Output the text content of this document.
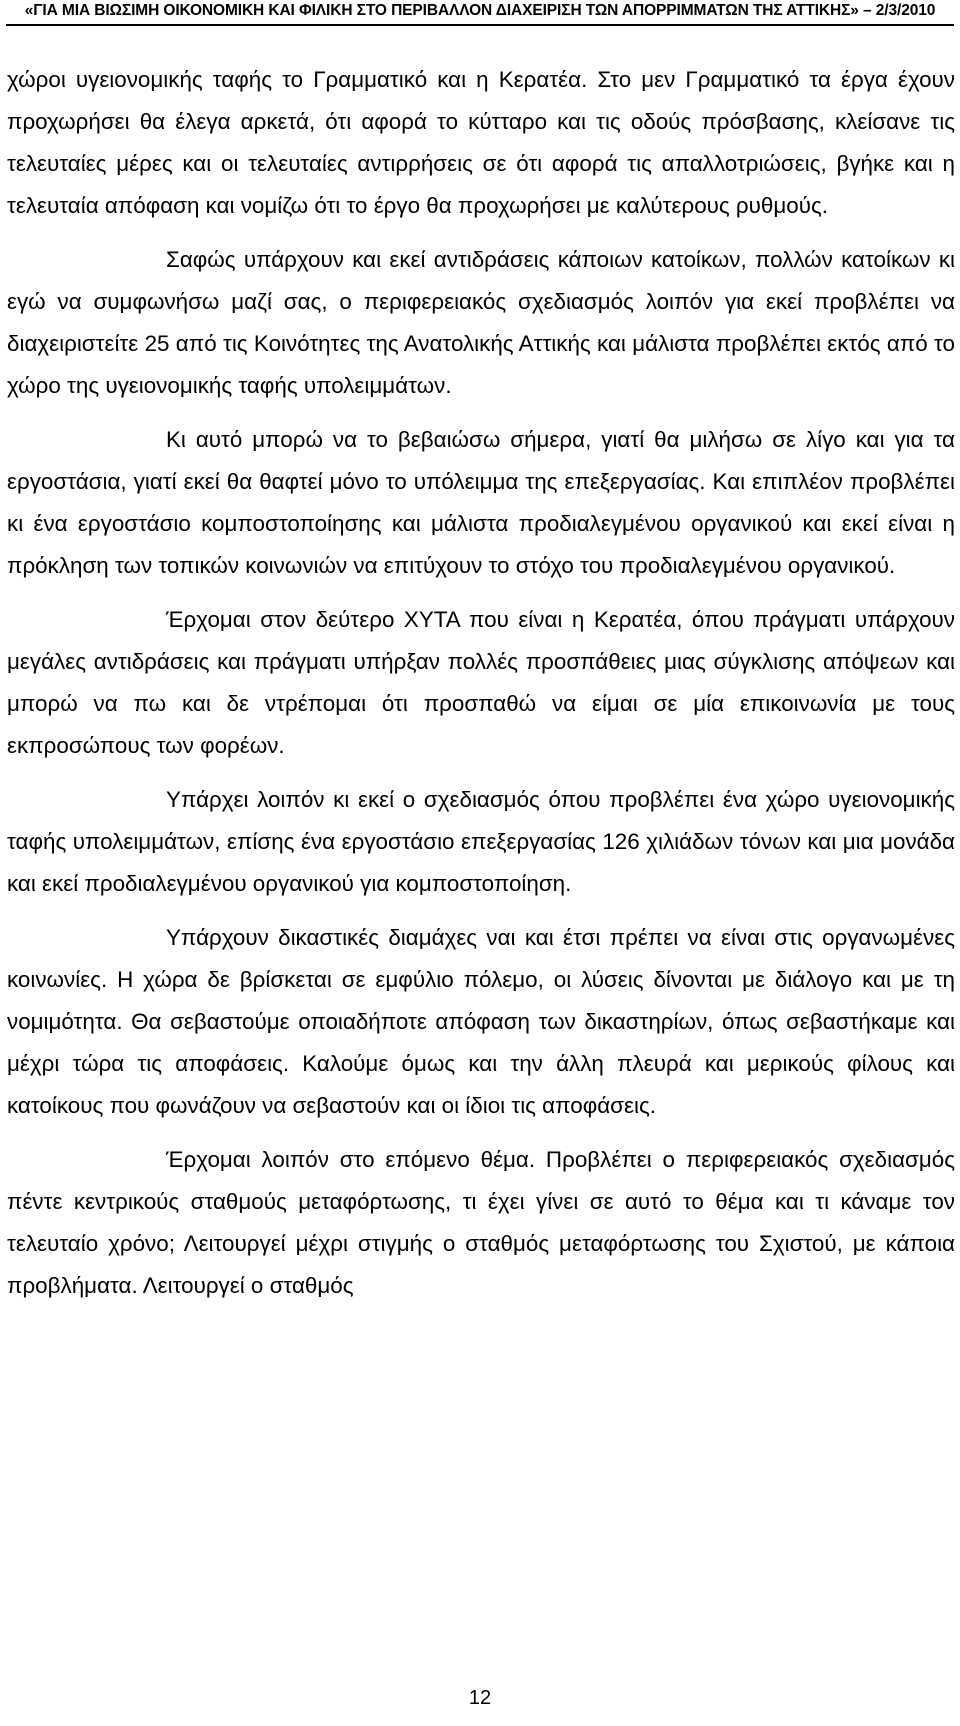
«ΓΙΑ ΜΙΑ ΒΙΩΣΙΜΗ ΟΙΚΟΝΟΜΙΚΗ ΚΑΙ ΦΙΛΙΚΗ ΣΤΟ ΠΕΡΙΒΑΛΛΟΝ ΔΙΑΧΕΙΡΙΣΗ ΤΩΝ ΑΠΟΡΡΙΜΜΑΤΩΝ ΤΗΣ ΑΤΤΙΚΗΣ» – 2/3/2010

χώροι υγειονομικής ταφής το Γραμματικό και η Κερατέα. Στο μεν Γραμματικό τα έργα έχουν προχωρήσει θα έλεγα αρκετά, ότι αφορά το κύτταρο και τις οδούς πρόσβασης, κλείσανε τις τελευταίες μέρες και οι τελευταίες αντιρρήσεις σε ότι αφορά τις απαλλοτριώσεις, βγήκε και η τελευταία απόφαση και νομίζω ότι το έργο θα προχωρήσει με καλύτερους ρυθμούς.

Σαφώς υπάρχουν και εκεί αντιδράσεις κάποιων κατοίκων, πολλών κατοίκων κι εγώ να συμφωνήσω μαζί σας, ο περιφερειακός σχεδιασμός λοιπόν για εκεί προβλέπει να διαχειριστείτε 25 από τις Κοινότητες της Ανατολικής Αττικής και μάλιστα προβλέπει εκτός από το χώρο της υγειονομικής ταφής υπολειμμάτων.

Κι αυτό μπορώ να το βεβαιώσω σήμερα, γιατί θα μιλήσω σε λίγο και για τα εργοστάσια, γιατί εκεί θα θαφτεί μόνο το υπόλειμμα της επεξεργασίας. Και επιπλέον προβλέπει κι ένα εργοστάσιο κομποστοποίησης και μάλιστα προδιαλεγμένου οργανικού και εκεί είναι η πρόκληση των τοπικών κοινωνιών να επιτύχουν το στόχο του προδιαλεγμένου οργανικού.

Έρχομαι στον δεύτερο ΧΥΤΑ που είναι η Κερατέα, όπου πράγματι υπάρχουν μεγάλες αντιδράσεις και πράγματι υπήρξαν πολλές προσπάθειες μιας σύγκλισης απόψεων και μπορώ να πω και δε ντρέπομαι ότι προσπαθώ να είμαι σε μία επικοινωνία με τους εκπροσώπους των φορέων.

Υπάρχει λοιπόν κι εκεί ο σχεδιασμός όπου προβλέπει ένα χώρο υγειονομικής ταφής υπολειμμάτων, επίσης ένα εργοστάσιο επεξεργασίας 126 χιλιάδων τόνων και μια μονάδα και εκεί προδιαλεγμένου οργανικού για κομποστοποίηση.

Υπάρχουν δικαστικές διαμάχες ναι και έτσι πρέπει να είναι στις οργανωμένες κοινωνίες. Η χώρα δε βρίσκεται σε εμφύλιο πόλεμο, οι λύσεις δίνονται με διάλογο και με τη νομιμότητα. Θα σεβαστούμε οποιαδήποτε απόφαση των δικαστηρίων, όπως σεβαστήκαμε και μέχρι τώρα τις αποφάσεις. Καλούμε όμως και την άλλη πλευρά και μερικούς φίλους και κατοίκους που φωνάζουν να σεβαστούν και οι ίδιοι τις αποφάσεις.

Έρχομαι λοιπόν στο επόμενο θέμα. Προβλέπει ο περιφερειακός σχεδιασμός πέντε κεντρικούς σταθμούς μεταφόρτωσης, τι έχει γίνει σε αυτό το θέμα και τι κάναμε τον τελευταίο χρόνο; Λειτουργεί μέχρι στιγμής ο σταθμός μεταφόρτωσης του Σχιστού, με κάποια προβλήματα. Λειτουργεί ο σταθμός

12
